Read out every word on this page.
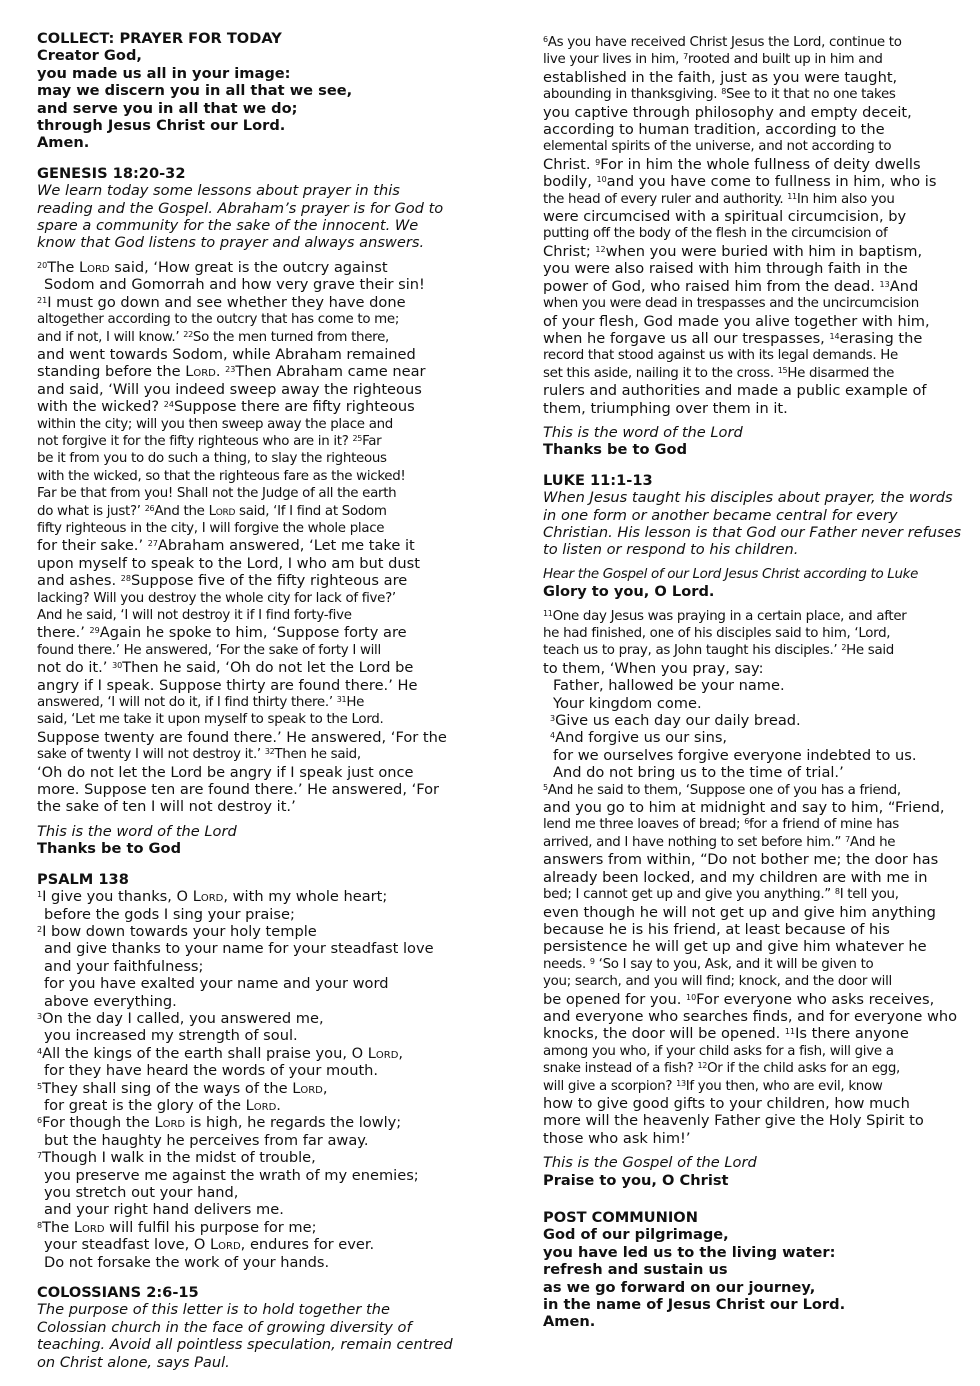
COLLECT: PRAYER FOR TODAY

Creator God,

you made us all in your image:

may we discern you in all that we see,

and serve you in all that we do;

through Jesus Christ our Lord.

Amen.

GENESIS 18:20-32

We learn today some lessons about prayer in this reading and the Gospel. Abraham’s prayer is for God to spare a community for the sake of the innocent. We know that God listens to prayer and always answers.

$^{20}$The Lord said, ‘How great is the outcry against

Sodom and Gomorrah and how very grave their sin!

$^{21}$I must go down and see whether they have done

altogether according to the outcry that has come to me;

and if not, I will know.’ $^{22}$So the men turned from there,

and went towards Sodom, while Abraham remained

standing before the Lord. $^{23}$Then Abraham came near

and said, ‘Will you indeed sweep away the righteous

with the wicked? $^{24}$Suppose there are fifty righteous

within the city; will you then sweep away the place and

not forgive it for the fifty righteous who are in it? $^{25}$Far

be it from you to do such a thing, to slay the righteous

with the wicked, so that the righteous fare as the wicked!

Far be that from you! Shall not the Judge of all the earth

do what is just?’ $^{26}$And the Lord said, ‘If I find at Sodom

fifty righteous in the city, I will forgive the whole place

for their sake.’ $^{27}$Abraham answered, ‘Let me take it

upon myself to speak to the Lord, I who am but dust

and ashes. $^{28}$Suppose five of the fifty righteous are

lacking? Will you destroy the whole city for lack of five?’

And he said, ‘I will not destroy it if I find forty-five

there.’ $^{29}$Again he spoke to him, ‘Suppose forty are

found there.’ He answered, ‘For the sake of forty I will

not do it.’ $^{30}$Then he said, ‘Oh do not let the Lord be

angry if I speak. Suppose thirty are found there.’ He

answered, ‘I will not do it, if I find thirty there.’ $^{31}$He

said, ‘Let me take it upon myself to speak to the Lord.

Suppose twenty are found there.’ He answered, ‘For the

sake of twenty I will not destroy it.’ $^{32}$Then he said,

‘Oh do not let the Lord be angry if I speak just once

more. Suppose ten are found there.’ He answered, ‘For

the sake of ten I will not destroy it.’

This is the word of the Lord

Thanks be to God

PSALM 138

$^1$I give you thanks, O Lord, with my whole heart;

before the gods I sing your praise;

$^2$I bow down towards your holy temple

and give thanks to your name for your steadfast love

and your faithfulness;

for you have exalted your name and your word

above everything.

$^3$On the day I called, you answered me,

you increased my strength of soul.

$^4$All the kings of the earth shall praise you, O Lord,

for they have heard the words of your mouth.

$^5$They shall sing of the ways of the Lord,

for great is the glory of the Lord.

$^6$For though the Lord is high, he regards the lowly;

but the haughty he perceives from far away.

$^7$Though I walk in the midst of trouble,

you preserve me against the wrath of my enemies;

you stretch out your hand,

and your right hand delivers me.

$^8$The Lord will fulfil his purpose for me;

your steadfast love, O Lord, endures for ever.

Do not forsake the work of your hands.

COLOSSIANS 2:6-15

The purpose of this letter is to hold together the Colossian church in the face of growing diversity of teaching. Avoid all pointless speculation, remain centred on Christ alone, says Paul.

$^6$As you have received Christ Jesus the Lord, continue to

live your lives in him, $^7$rooted and built up in him and

established in the faith, just as you were taught,

abounding in thanksgiving. $^8$See to it that no one takes

you captive through philosophy and empty deceit,

according to human tradition, according to the

elemental spirits of the universe, and not according to

Christ. $^9$For in him the whole fullness of deity dwells

bodily, $^{10}$and you have come to fullness in him, who is

the head of every ruler and authority. $^{11}$In him also you

were circumcised with a spiritual circumcision, by

putting off the body of the flesh in the circumcision of

Christ; $^{12}$when you were buried with him in baptism,

you were also raised with him through faith in the

power of God, who raised him from the dead. $^{13}$And

when you were dead in trespasses and the uncircumcision

of your flesh, God made you alive together with him,

when he forgave us all our trespasses, $^{14}$erasing the

record that stood against us with its legal demands. He

set this aside, nailing it to the cross. $^{15}$He disarmed the

rulers and authorities and made a public example of

them, triumphing over them in it.

This is the word of the Lord

Thanks be to God

LUKE 11:1-13

When Jesus taught his disciples about prayer, the words in one form or another became central for every Christian. His lesson is that God our Father never refuses to listen or respond to his children.

Hear the Gospel of our Lord Jesus Christ according to Luke

Glory to you, O Lord.

$^{11}$One day Jesus was praying in a certain place, and after

he had finished, one of his disciples said to him, ‘Lord,

teach us to pray, as John taught his disciples.’ $^2$He said

to them, ‘When you pray, say:

Father, hallowed be your name.

Your kingdom come.

$^3$Give us each day our daily bread.

$^4$And forgive us our sins,

for we ourselves forgive everyone indebted to us.

And do not bring us to the time of trial.’

$^5$And he said to them, ‘Suppose one of you has a friend,

and you go to him at midnight and say to him, “Friend,

lend me three loaves of bread; $^6$for a friend of mine has

arrived, and I have nothing to set before him.” $^7$And he

answers from within, “Do not bother me; the door has

already been locked, and my children are with me in

bed; I cannot get up and give you anything.” $^8$I tell you,

even though he will not get up and give him anything

because he is his friend, at least because of his

persistence he will get up and give him whatever he

needs. $^9$ ‘So I say to you, Ask, and it will be given to

you; search, and you will find; knock, and the door will

be opened for you. $^{10}$For everyone who asks receives,

and everyone who searches finds, and for everyone who

knocks, the door will be opened. $^{11}$Is there anyone

among you who, if your child asks for a fish, will give a

snake instead of a fish? $^{12}$Or if the child asks for an egg,

will give a scorpion? $^{13}$If you then, who are evil, know

how to give good gifts to your children, how much

more will the heavenly Father give the Holy Spirit to

those who ask him!’

This is the Gospel of the Lord

Praise to you, O Christ

POST COMMUNION

God of our pilgrimage,

you have led us to the living water:

refresh and sustain us

as we go forward on our journey,

in the name of Jesus Christ our Lord.

Amen.
